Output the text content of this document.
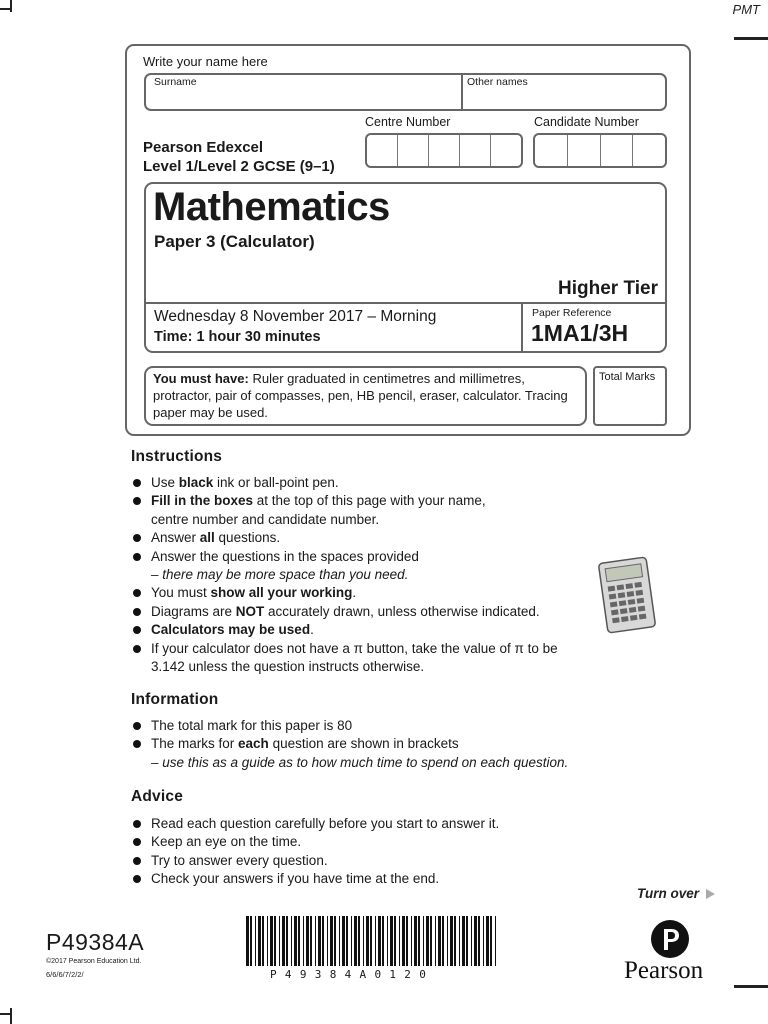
PMT
Write your name here
Surname	Other names
Centre Number	Candidate Number
Pearson Edexcel
Level 1/Level 2 GCSE (9–1)
Mathematics
Paper 3 (Calculator)
Higher Tier
Wednesday 8 November 2017 – Morning
Time: 1 hour 30 minutes
Paper Reference
1MA1/3H
You must have: Ruler graduated in centimetres and millimetres, protractor, pair of compasses, pen, HB pencil, eraser, calculator. Tracing paper may be used.
Total Marks
Instructions
Use black ink or ball-point pen.
Fill in the boxes at the top of this page with your name,
centre number and candidate number.
Answer all questions.
Answer the questions in the spaces provided
– there may be more space than you need.
You must show all your working.
Diagrams are NOT accurately drawn, unless otherwise indicated.
Calculators may be used.
If your calculator does not have a π button, take the value of π to be
3.142 unless the question instructs otherwise.
Information
The total mark for this paper is 80
The marks for each question are shown in brackets
– use this as a guide as to how much time to spend on each question.
Advice
Read each question carefully before you start to answer it.
Keep an eye on the time.
Try to answer every question.
Check your answers if you have time at the end.
Turn over
P49384A
©2017 Pearson Education Ltd.
6/6/6/7/2/2/	P49384A0120	Pearson
